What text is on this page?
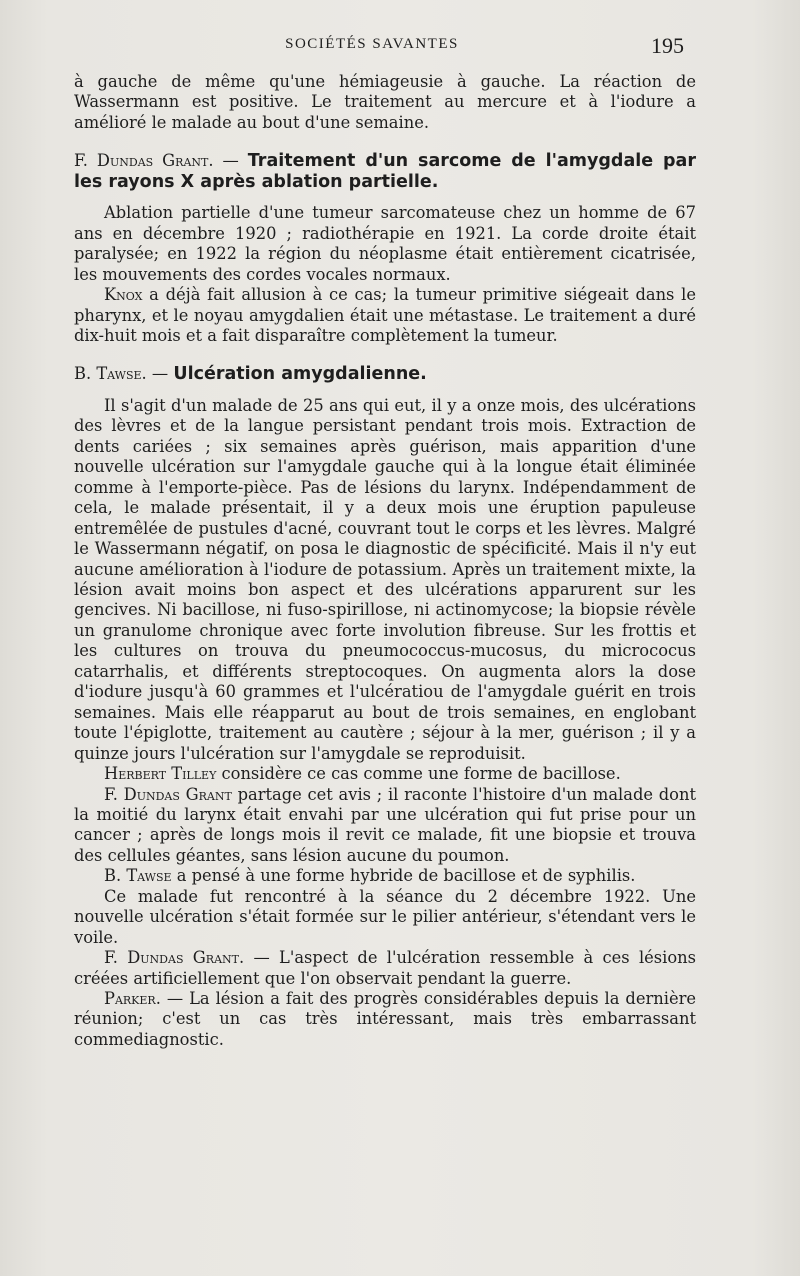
SOCIÉTÉS SAVANTES	195

à gauche de même qu'une hémiageusie à gauche. La réaction de Wassermann est positive. Le traitement au mercure et à l'iodure a amélioré le malade au bout d'une semaine.

F. Dundas Grant. — Traitement d'un sarcome de l'amygdale par les rayons X après ablation partielle.

Ablation partielle d'une tumeur sarcomateuse chez un homme de 67 ans en décembre 1920 ; radiothérapie en 1921. La corde droite était paralysée; en 1922 la région du néoplasme était entièrement cicatrisée, les mouvements des cordes vocales normaux.

Knox a déjà fait allusion à ce cas; la tumeur primitive siégeait dans le pharynx, et le noyau amygdalien était une métastase. Le traitement a duré dix-huit mois et a fait disparaître complètement la tumeur.

B. Tawse. — Ulcération amygdalienne.

Il s'agit d'un malade de 25 ans qui eut, il y a onze mois, des ulcérations des lèvres et de la langue persistant pendant trois mois. Extraction de dents cariées ; six semaines après guérison, mais apparition d'une nouvelle ulcération sur l'amygdale gauche qui à la longue était éliminée comme à l'emporte-pièce. Pas de lésions du larynx. Indépendamment de cela, le malade présentait, il y a deux mois une éruption papuleuse entremêlée de pustules d'acné, couvrant tout le corps et les lèvres. Malgré le Wassermann négatif, on posa le diagnostic de spécificité. Mais il n'y eut aucune amélioration à l'iodure de potassium. Après un traitement mixte, la lésion avait moins bon aspect et des ulcérations apparurent sur les gencives. Ni bacillose, ni fuso-spirillose, ni actinomycose; la biopsie révèle un granulome chronique avec forte involution fibreuse. Sur les frottis et les cultures on trouva du pneumococcus-mucosus, du micrococus catarrhalis, et différents streptocoques. On augmenta alors la dose d'iodure jusqu'à 60 grammes et l'ulcératiou de l'amygdale guérit en trois semaines. Mais elle réapparut au bout de trois semaines, en englobant toute l'épiglotte, traitement au cautère ; séjour à la mer, guérison ; il y a quinze jours l'ulcération sur l'amygdale se reproduisit.

Herbert Tilley considère ce cas comme une forme de bacillose.

F. Dundas Grant partage cet avis ; il raconte l'histoire d'un malade dont la moitié du larynx était envahi par une ulcération qui fut prise pour un cancer ; après de longs mois il revit ce malade, fit une biopsie et trouva des cellules géantes, sans lésion aucune du poumon.

B. Tawse a pensé à une forme hybride de bacillose et de syphilis.

Ce malade fut rencontré à la séance du 2 décembre 1922. Une nouvelle ulcération s'était formée sur le pilier antérieur, s'étendant vers le voile.

F. Dundas Grant. — L'aspect de l'ulcération ressemble à ces lésions créées artificiellement que l'on observait pendant la guerre.

Parker. — La lésion a fait des progrès considérables depuis la dernière réunion; c'est un cas très intéressant, mais très embarrassant commediagnostic.
